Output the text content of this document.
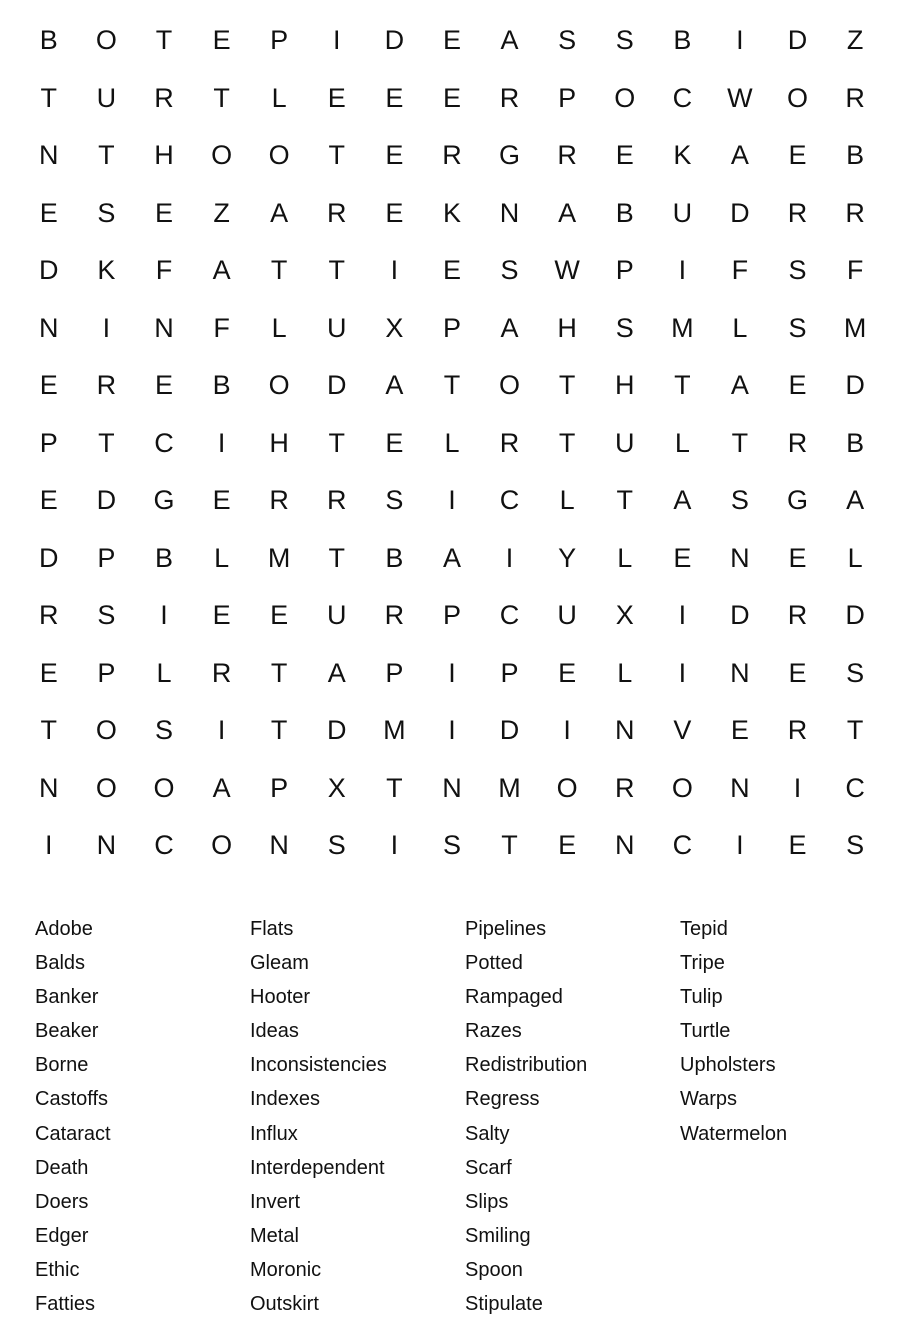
B	O	T	E	P	I	D	E	A	S	S	B	I	D	Z
T	U	R	T	L	E	E	E	R	P	O	C	W	O	R
N	T	H	O	O	T	E	R	G	R	E	K	A	E	B
E	S	E	Z	A	R	E	K	N	A	B	U	D	R	R
D	K	F	A	T	T	I	E	S	W	P	I	F	S	F
N	I	N	F	L	U	X	P	A	H	S	M	L	S	M
E	R	E	B	O	D	A	T	O	T	H	T	A	E	D
P	T	C	I	H	T	E	L	R	T	U	L	T	R	B
E	D	G	E	R	R	S	I	C	L	T	A	S	G	A
D	P	B	L	M	T	B	A	I	Y	L	E	N	E	L
R	S	I	E	E	U	R	P	C	U	X	I	D	R	D
E	P	L	R	T	A	P	I	P	E	L	I	N	E	S
T	O	S	I	T	D	M	I	D	I	N	V	E	R	T
N	O	O	A	P	X	T	N	M	O	R	O	N	I	C
I	N	C	O	N	S	I	S	T	E	N	C	I	E	S
Adobe
Balds
Banker
Beaker
Borne
Castoffs
Cataract
Death
Doers
Edger
Ethic
Fatties
Flats
Gleam
Hooter
Ideas
Inconsistencies
Indexes
Influx
Interdependent
Invert
Metal
Moronic
Outskirt
Pipelines
Potted
Rampaged
Razes
Redistribution
Regress
Salty
Scarf
Slips
Smiling
Spoon
Stipulate
Tepid
Tripe
Tulip
Turtle
Upholsters
Warps
Watermelon
